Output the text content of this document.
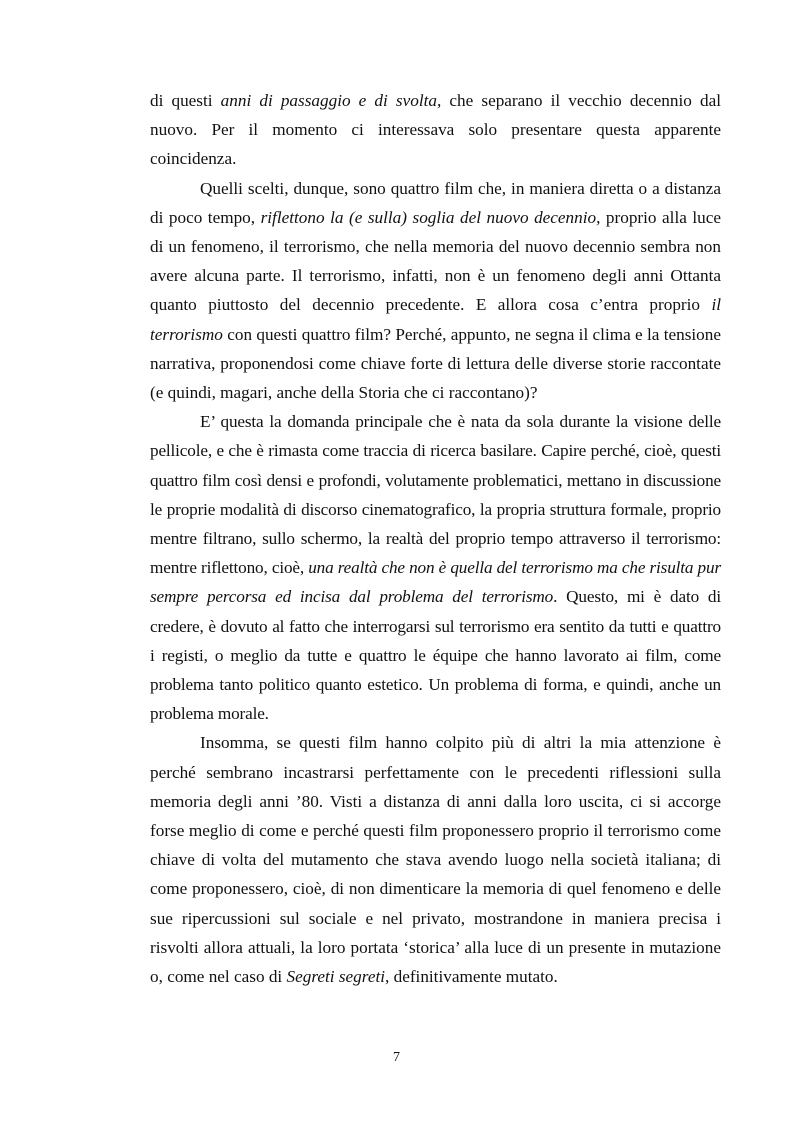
di questi anni di passaggio e di svolta, che separano il vecchio decennio dal nuovo. Per il momento ci interessava solo presentare questa apparente coincidenza.

Quelli scelti, dunque, sono quattro film che, in maniera diretta o a distanza di poco tempo, riflettono la (e sulla) soglia del nuovo decennio, proprio alla luce di un fenomeno, il terrorismo, che nella memoria del nuovo decennio sembra non avere alcuna parte. Il terrorismo, infatti, non è un fenomeno degli anni Ottanta quanto piuttosto del decennio precedente. E allora cosa c’entra proprio il terrorismo con questi quattro film? Perché, appunto, ne segna il clima e la tensione narrativa, proponendosi come chiave forte di lettura delle diverse storie raccontate (e quindi, magari, anche della Storia che ci raccontano)?

E’ questa la domanda principale che è nata da sola durante la visione delle pellicole, e che è rimasta come traccia di ricerca basilare. Capire perché, cioè, questi quattro film così densi e profondi, volutamente problematici, mettano in discussione le proprie modalità di discorso cinematografico, la propria struttura formale, proprio mentre filtrano, sullo schermo, la realtà del proprio tempo attraverso il terrorismo: mentre riflettono, cioè, una realtà che non è quella del terrorismo ma che risulta pur sempre percorsa ed incisa dal problema del terrorismo. Questo, mi è dato di credere, è dovuto al fatto che interrogarsi sul terrorismo era sentito da tutti e quattro i registi, o meglio da tutte e quattro le équipe che hanno lavorato ai film, come problema tanto politico quanto estetico. Un problema di forma, e quindi, anche un problema morale.

Insomma, se questi film hanno colpito più di altri la mia attenzione è perché sembrano incastrarsi perfettamente con le precedenti riflessioni sulla memoria degli anni ’80. Visti a distanza di anni dalla loro uscita, ci si accorge forse meglio di come e perché questi film proponessero proprio il terrorismo come chiave di volta del mutamento che stava avendo luogo nella società italiana; di come proponessero, cioè, di non dimenticare la memoria di quel fenomeno e delle sue ripercussioni sul sociale e nel privato, mostrandone in maniera precisa i risvolti allora attuali, la loro portata ‘storica’ alla luce di un presente in mutazione o, come nel caso di Segreti segreti, definitivamente mutato.

7
